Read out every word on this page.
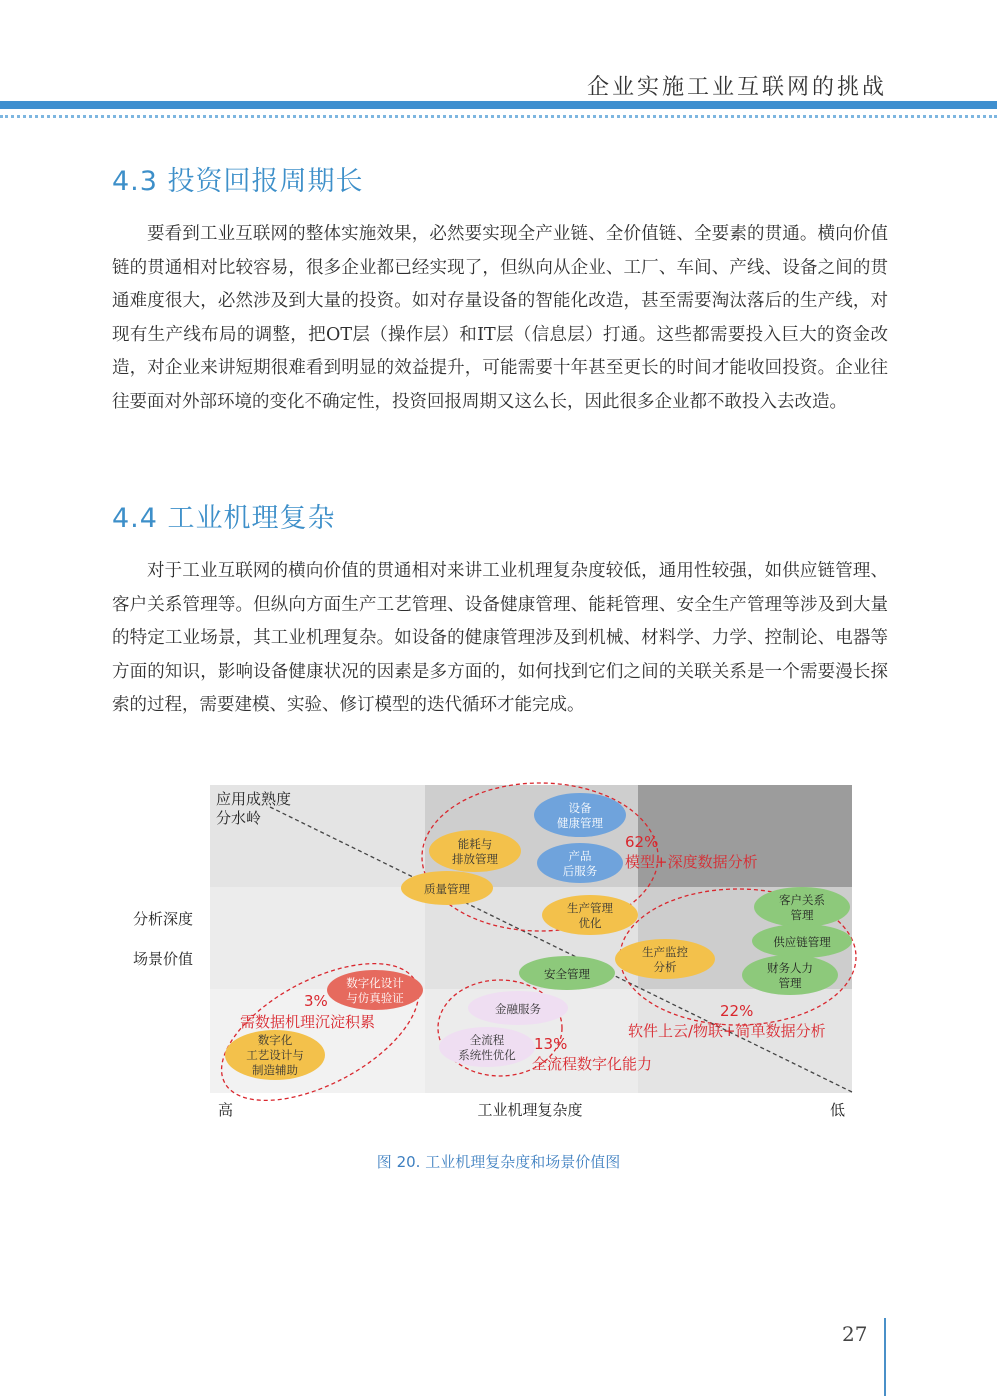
企业实施工业互联网的挑战
4.3 投资回报周期长
要看到工业互联网的整体实施效果，必然要实现全产业链、全价值链、全要素的贯通。横向价值链的贯通相对比较容易，很多企业都已经实现了，但纵向从企业、工厂、车间、产线、设备之间的贯通难度很大，必然涉及到大量的投资。如对存量设备的智能化改造，甚至需要淘汰落后的生产线，对现有生产线布局的调整，把OT层（操作层）和IT层（信息层）打通。这些都需要投入巨大的资金改造，对企业来讲短期很难看到明显的效益提升，可能需要十年甚至更长的时间才能收回投资。企业往往要面对外部环境的变化不确定性，投资回报周期又这么长，因此很多企业都不敢投入去改造。
4.4 工业机理复杂
对于工业互联网的横向价值的贯通相对来讲工业机理复杂度较低，通用性较强，如供应链管理、客户关系管理等。但纵向方面生产工艺管理、设备健康管理、能耗管理、安全生产管理等涉及到大量的特定工业场景，其工业机理复杂。如设备的健康管理涉及到机械、材料学、力学、控制论、电器等方面的知识，影响设备健康状况的因素是多方面的，如何找到它们之间的关联关系是一个需要漫长探索的过程，需要建模、实验、修订模型的迭代循环才能完成。
设备
健康管理
能耗与
排放管理	产品
后服务
质量管理
生产管理
优化
客户关系
管理
供应链管理
生产监控
分析	财务人力
管理
安全管理
数字化设计
与仿真验证
金融服务
全流程
系统性优化
数字化
工艺设计与
制造辅助
62%
模型+深度数据分析
22%
软件上云/物联+简单数据分析
13%
全流程数字化能力
3%
需数据机理沉淀积累
应用成熟度
分水岭
分析深度
场景价值
高	工业机理复杂度	低
图 20. 工业机理复杂度和场景价值图
27
